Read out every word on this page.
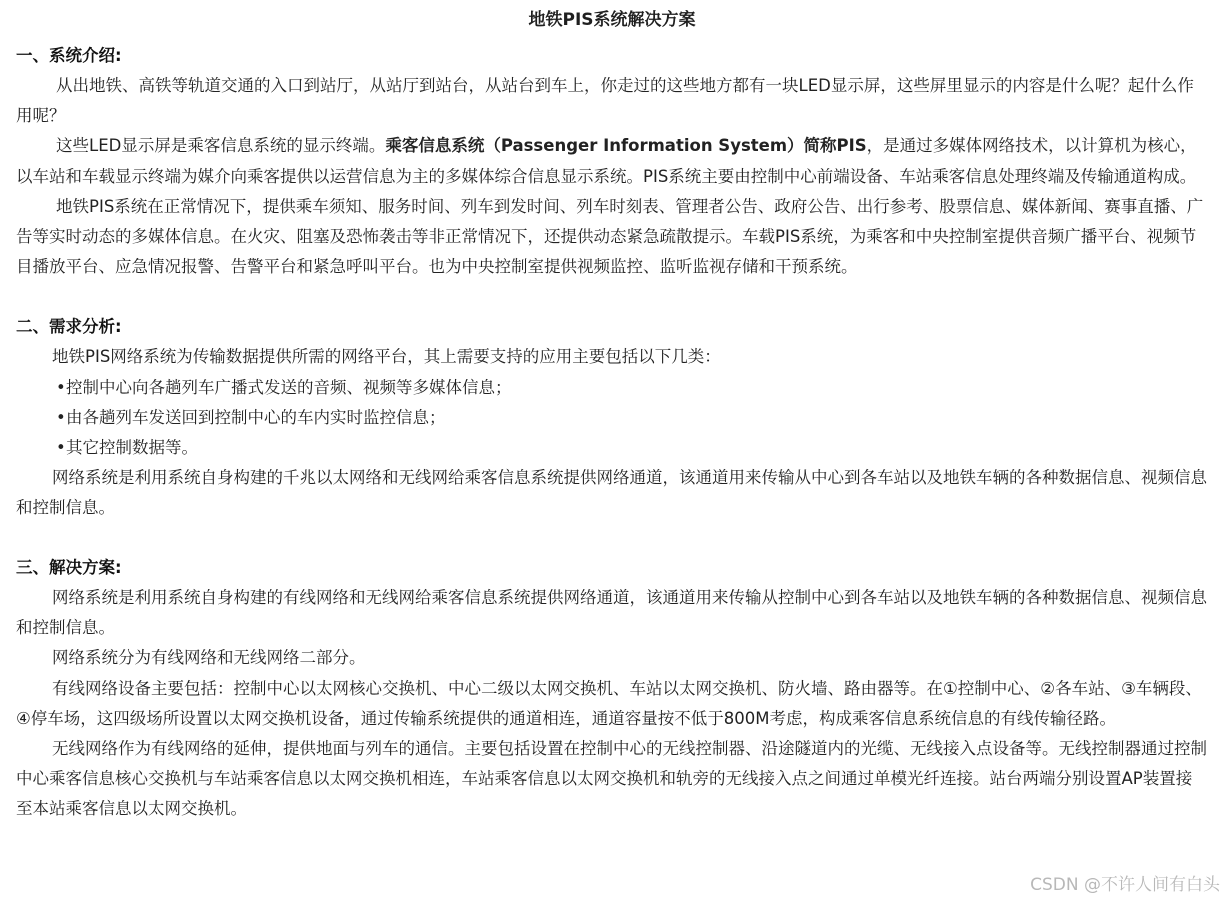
地铁PIS系统解决方案
一、系统介绍:

从出地铁、高铁等轨道交通的入口到站厅，从站厅到站台，从站台到车上，你走过的这些地方都有一块LED显示屏，这些屏里显示的内容是什么呢？起什么作用呢？

这些LED显示屏是乘客信息系统的显示终端。乘客信息系统（Passenger Information System）简称PIS，是通过多媒体网络技术，以计算机为核心，以车站和车载显示终端为媒介向乘客提供以运营信息为主的多媒体综合信息显示系统。PIS系统主要由控制中心前端设备、车站乘客信息处理终端及传输通道构成。

地铁PIS系统在正常情况下，提供乘车须知、服务时间、列车到发时间、列车时刻表、管理者公告、政府公告、出行参考、股票信息、媒体新闻、赛事直播、广告等实时动态的多媒体信息。在火灾、阻塞及恐怖袭击等非正常情况下，还提供动态紧急疏散提示。车载PIS系统，为乘客和中央控制室提供音频广播平台、视频节目播放平台、应急情况报警、告警平台和紧急呼叫平台。也为中央控制室提供视频监控、监听监视存储和干预系统。

二、需求分析:

地铁PIS网络系统为传输数据提供所需的网络平台，其上需要支持的应用主要包括以下几类：

• 控制中心向各趟列车广播式发送的音频、视频等多媒体信息；
• 由各趟列车发送回到控制中心的车内实时监控信息；
• 其它控制数据等。

网络系统是利用系统自身构建的千兆以太网络和无线网给乘客信息系统提供网络通道，该通道用来传输从中心到各车站以及地铁车辆的各种数据信息、视频信息和控制信息。

三、解决方案:

网络系统是利用系统自身构建的有线网络和无线网给乘客信息系统提供网络通道，该通道用来传输从控制中心到各车站以及地铁车辆的各种数据信息、视频信息和控制信息。

网络系统分为有线网络和无线网络二部分。

有线网络设备主要包括：控制中心以太网核心交换机、中心二级以太网交换机、车站以太网交换机、防火墙、路由器等。在①控制中心、②各车站、③车辆段、④停车场，这四级场所设置以太网交换机设备，通过传输系统提供的通道相连，通道容量按不低于800M考虑，构成乘客信息系统信息的有线传输径路。

无线网络作为有线网络的延伸，提供地面与列车的通信。主要包括设置在控制中心的无线控制器、沿途隧道内的光缆、无线接入点设备等。无线控制器通过控制中心乘客信息核心交换机与车站乘客信息以太网交换机相连，车站乘客信息以太网交换机和轨旁的无线接入点之间通过单模光纤连接。站台两端分别设置AP装置接至本站乘客信息以太网交换机。

CSDN @不许人间有白头
